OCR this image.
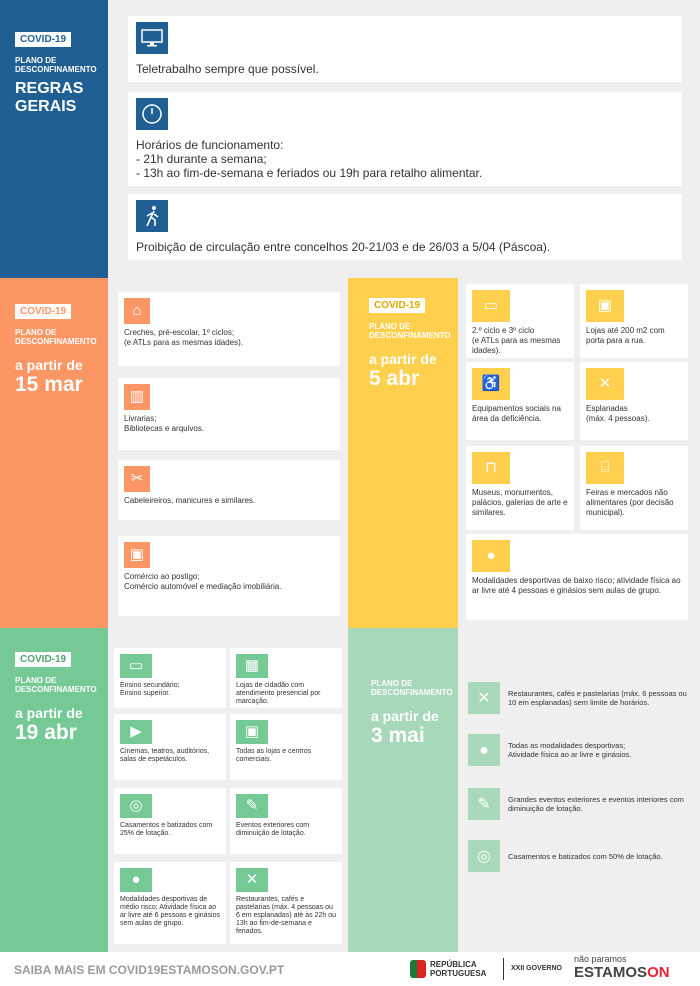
COVID-19
PLANO DE DESCONFINAMENTO
REGRAS GERAIS
Teletrabalho sempre que possível.
Horários de funcionamento:
- 21h durante a semana;
- 13h ao fim-de-semana e feriados ou 19h para retalho alimentar.
Proibição de circulação entre concelhos 20-21/03 e de 26/03 a 5/04 (Páscoa).
COVID-19
PLANO DE DESCONFINAMENTO
a partir de
15 mar
⌂
Creches, pré-escolar, 1º ciclos;
(e ATLs para as mesmas idades).
▥
Livrarias;
Bibliotecas e arquivos.
✂
Cabeleireiros, manicures e similares.
▣
Comércio ao postigo;
Comércio automóvel e mediação imobiliária.
COVID-19
PLANO DE DESCONFINAMENTO
a partir de
5 abr
▭
2.º ciclo e 3º ciclo
(e ATLs para as mesmas idades).
▣
Lojas até 200 m2 com porta para a rua.
♿
Equipamentos sociais na área da deficiência.
✕
Esplanadas
(máx. 4 pessoas).
⊓
Museus, monumentos, palácios, galerias de arte e similares.
⌸
Feiras e mercados não alimentares (por decisão municipal).
●
Modalidades desportivas de baixo risco; atividade física ao ar livre até 4 pessoas e ginásios sem aulas de grupo.
COVID-19
PLANO DE DESCONFINAMENTO
a partir de
19 abr
▭
Ensino secundário;
Ensino superior.
▦
Lojas de cidadão com atendimento presencial por marcação.
▶
Cinemas, teatros, auditórios, salas de espetáculos.
▣
Todas as lojas e centros comerciais.
◎
Casamentos e batizados com 25% de lotação.
✎
Eventos exteriores com diminuição de lotação.
●
Modalidades desportivas de médio risco; Atividade física ao ar livre até 6 pessoas e ginásios sem aulas de grupo.
✕
Restaurantes, cafés e pastelarias (máx. 4 pessoas ou 6 em esplanadas) até às 22h ou 13h ao fim-de-semana e feriados.
PLANO DE DESCONFINAMENTO
a partir de
3 mai
✕	Restaurantes, cafés e pastelarias (máx. 6 pessoas ou 10 em esplanadas) sem limite de horários.
●	Todas as modalidades desportivas;
Atividade física ao ar livre e ginásios.
✎	Grandes eventos exteriores e eventos interiores com diminuição de lotação.
◎	Casamentos e batizados com 50% de lotação.
SAIBA MAIS EM COVID19ESTAMOSON.GOV.PT	REPÚBLICA
PORTUGUESA
XXII GOVERNO
não paramos
ESTAMOSON
